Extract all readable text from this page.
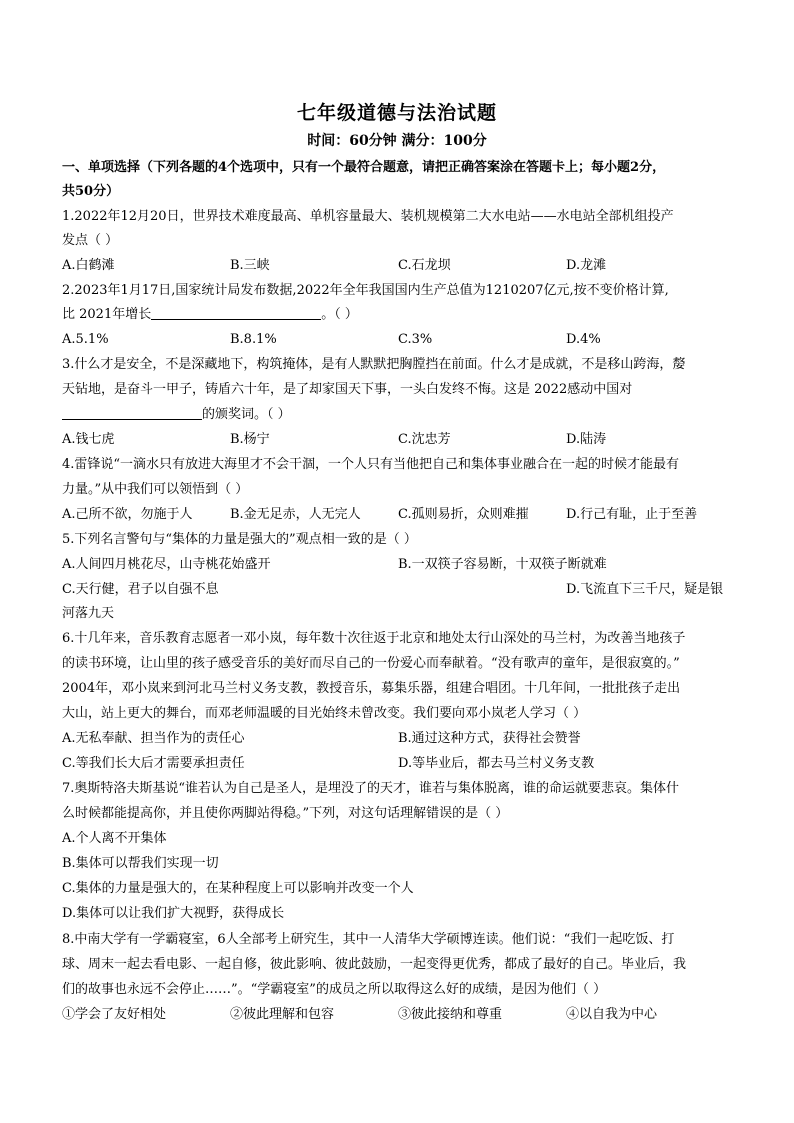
七年级道德与法治试题
时间：60分钟 满分：100分
一、单项选择（下列各题的4个选项中，只有一个最符合题意，请把正确答案涂在答题卡上；每小题2分，
共50分）
1.2022年12月20日，世界技术难度最高、单机容量最大、装机规模第二大水电站——水电站全部机组投产
发点（ ）
A.白鹤滩	B.三峡	C.石龙坝	D.龙滩
2.2023年1月17日,国家统计局发布数据,2022年全年我国国内生产总值为1210207亿元,按不变价格计算,
比 2021年增长	。（ ）
A.5.1%	B.8.1%	C.3%	D.4%
3.什么才是安全，不是深藏地下，构筑掩体，是有人默默把胸膛挡在前面。什么才是成就，不是移山跨海，嫠
天钻地，是奋斗一甲子，铸盾六十年，是了却家国天下事，一头白发终不悔。这是 2022感动中国对
的颁奖词。（ ）
A.钱七虎	B.杨宁	C.沈忠芳	D.陆涛
4.雷锋说“一滴水只有放进大海里才不会干涸，一个人只有当他把自己和集体事业融合在一起的时候才能最有
力量。”从中我们可以领悟到（ ）
A.己所不欲，勿施于人	B.金无足赤，人无完人	C.孤则易折，众则难摧	D.行己有耻，止于至善
5.下列名言警句与“集体的力量是强大的”观点相一致的是（ ）
A.人间四月桃花尽，山寺桃花始盛开	B.一双筷子容易断，十双筷子断就难
C.天行健，君子以自强不息	D.飞流直下三千尺，疑是银
河落九天
6.十几年来，音乐教育志愿者一邓小岚，每年数十次往返于北京和地处太行山深处的马兰村，为改善当地孩子
的读书环境，让山里的孩子感受音乐的美好而尽自己的一份爱心而奉献着。“没有歌声的童年，是很寂寞的。”
2004年，邓小岚来到河北马兰村义务支教，教授音乐，募集乐器，组建合唱团。十几年间，一批批孩子走出
大山，站上更大的舞台，而邓老师温暖的目光始终未曾改变。我们要向邓小岚老人学习（ ）
A.无私奉献、担当作为的责任心	B.通过这种方式，获得社会赞誉
C.等我们长大后才需要承担责任	D.等毕业后，都去马兰村义务支教
7.奥斯特洛夫斯基说“谁若认为自己是圣人，是埋没了的天才，谁若与集体脱离，谁的命运就要悲哀。集体什
么时候都能提高你，并且使你两脚站得稳。”下列，对这句话理解错误的是（ ）
A.个人离不开集体
B.集体可以帮我们实现一切
C.集体的力量是强大的，在某种程度上可以影响并改变一个人
D.集体可以让我们扩大视野，获得成长
8.中南大学有一学霸寝室，6人全部考上研究生，其中一人清华大学硕博连读。他们说：“我们一起吃饭、打
球、周末一起去看电影、一起自修，彼此影响、彼此鼓励，一起变得更优秀，都成了最好的自己。毕业后，我
们的故事也永远不会停止……”。“学霸寝室”的成员之所以取得这么好的成绩，是因为他们（ ）
①学会了友好相处	②彼此理解和包容	③彼此接纳和尊重	④以自我为中心
